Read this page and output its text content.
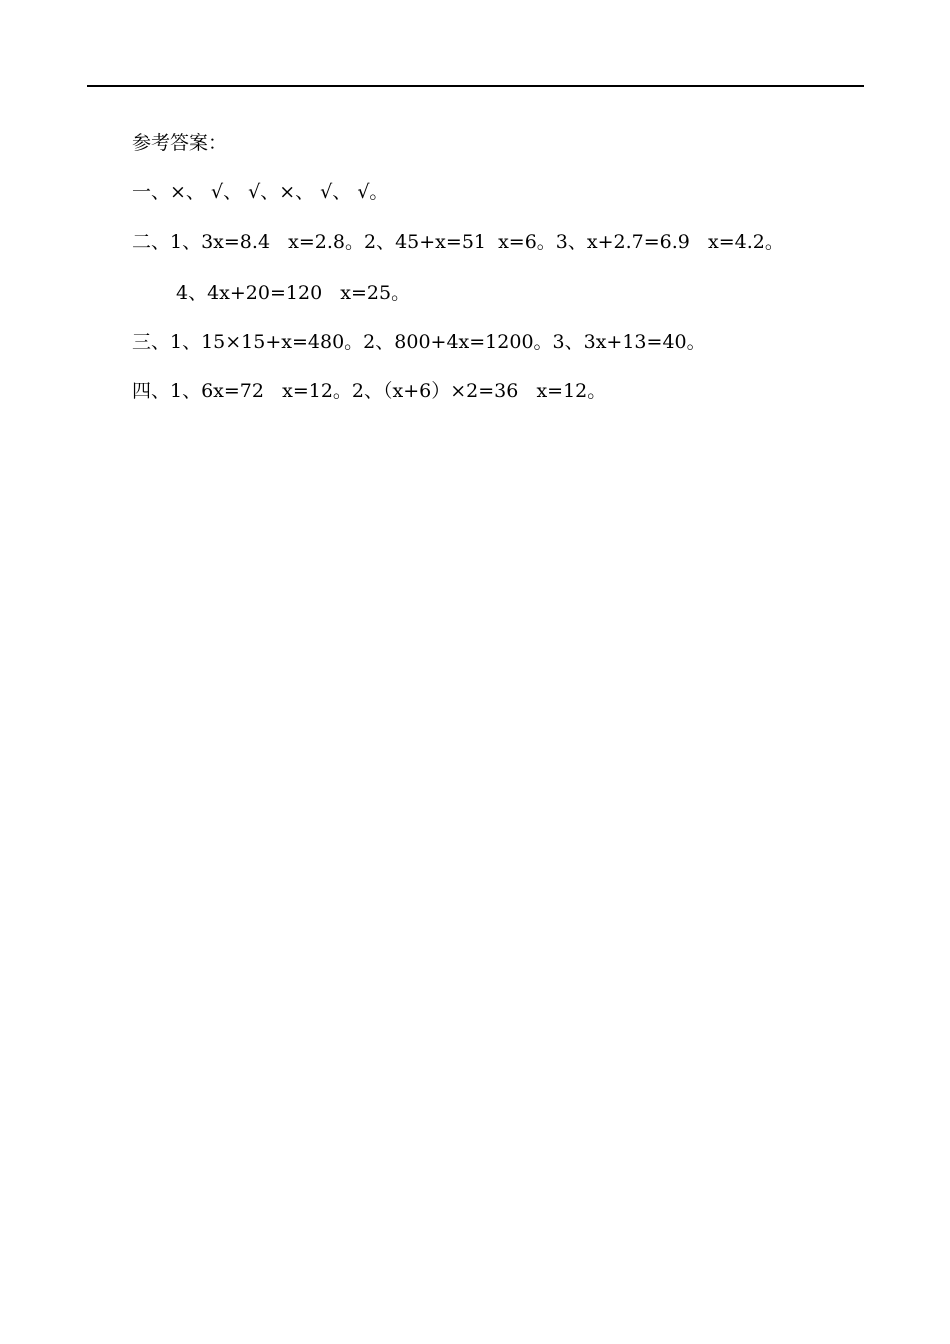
参考答案：
一、×、 √、 √、×、 √、 √。
二、1、3x=8.4   x=2.8。2、45+x=51  x=6。3、x+2.7=6.9   x=4.2。
4、4x+20=120   x=25。
三、1、15×15+x=480。2、800+4x=1200。3、3x+13=40。
四、1、6x=72   x=12。2、（x+6）×2=36   x=12。
